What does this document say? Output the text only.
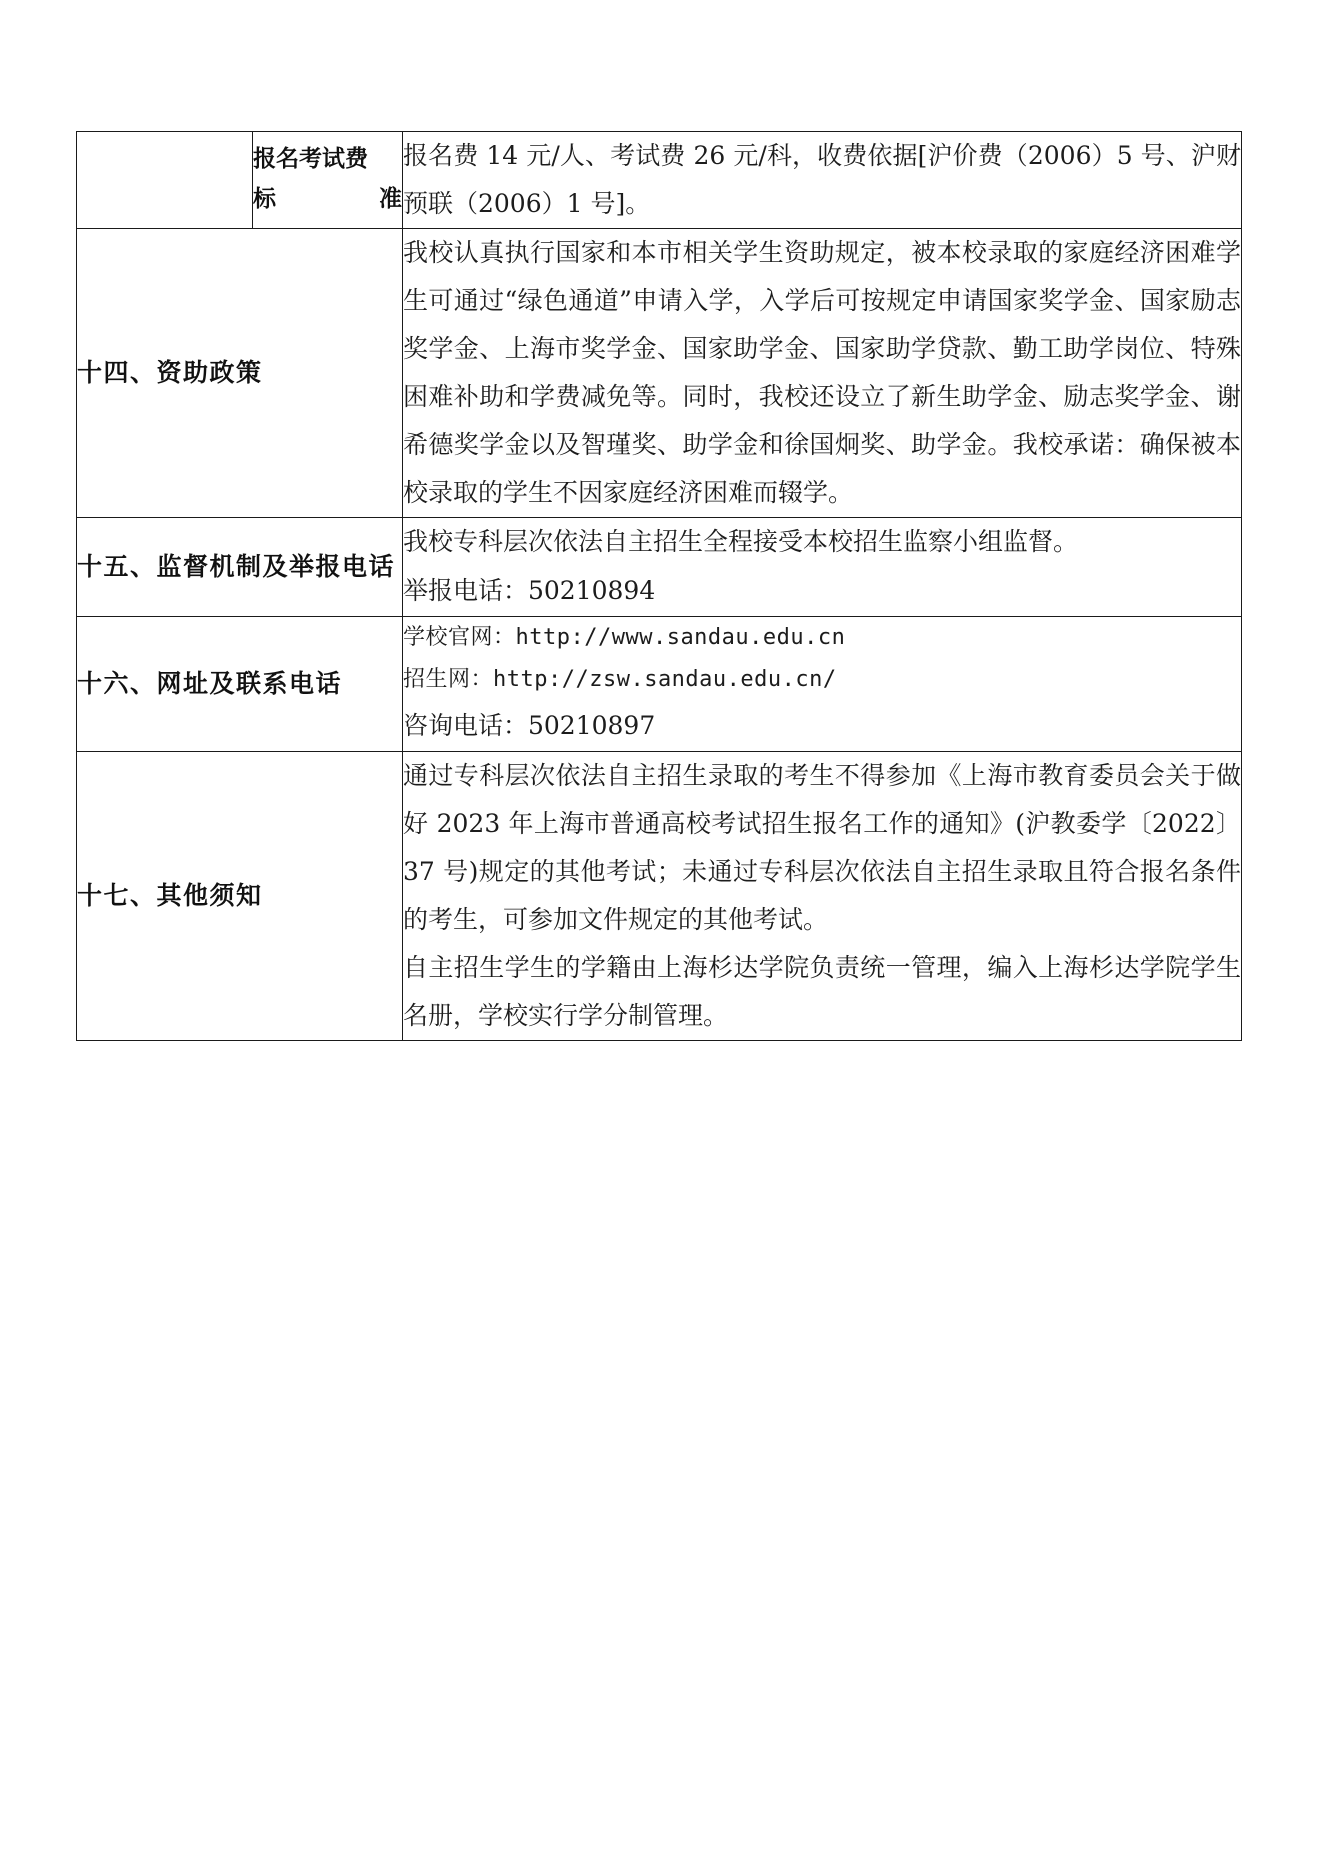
	报名考试费
标 准	报名费 14 元/人、考试费 26 元/科，收费依据[沪价费（2006）5 号、沪财预联（2006）1 号]。

十四、资助政策		我校认真执行国家和本市相关学生资助规定，被本校录取的家庭经济困难学生可通过“绿色通道”申请入学，入学后可按规定申请国家奖学金、国家励志奖学金、上海市奖学金、国家助学金、国家助学贷款、勤工助学岗位、特殊困难补助和学费减免等。同时，我校还设立了新生助学金、励志奖学金、谢希德奖学金以及智瑾奖、助学金和徐国炯奖、助学金。我校承诺：确保被本校录取的学生不因家庭经济困难而辍学。

十五、监督机制及举报电话		我校专科层次依法自主招生全程接受本校招生监察小组监督。

举报电话：50210894

十六、网址及联系电话		学校官网：http://www.sandau.edu.cn

招生网：http://zsw.sandau.edu.cn/

咨询电话：50210897

十七、其他须知		通过专科层次依法自主招生录取的考生不得参加《上海市教育委员会关于做好 2023 年上海市普通高校考试招生报名工作的通知》(沪教委学〔2022〕37 号)规定的其他考试；未通过专科层次依法自主招生录取且符合报名条件的考生，可参加文件规定的其他考试。

自主招生学生的学籍由上海杉达学院负责统一管理，编入上海杉达学院学生名册，学校实行学分制管理。
